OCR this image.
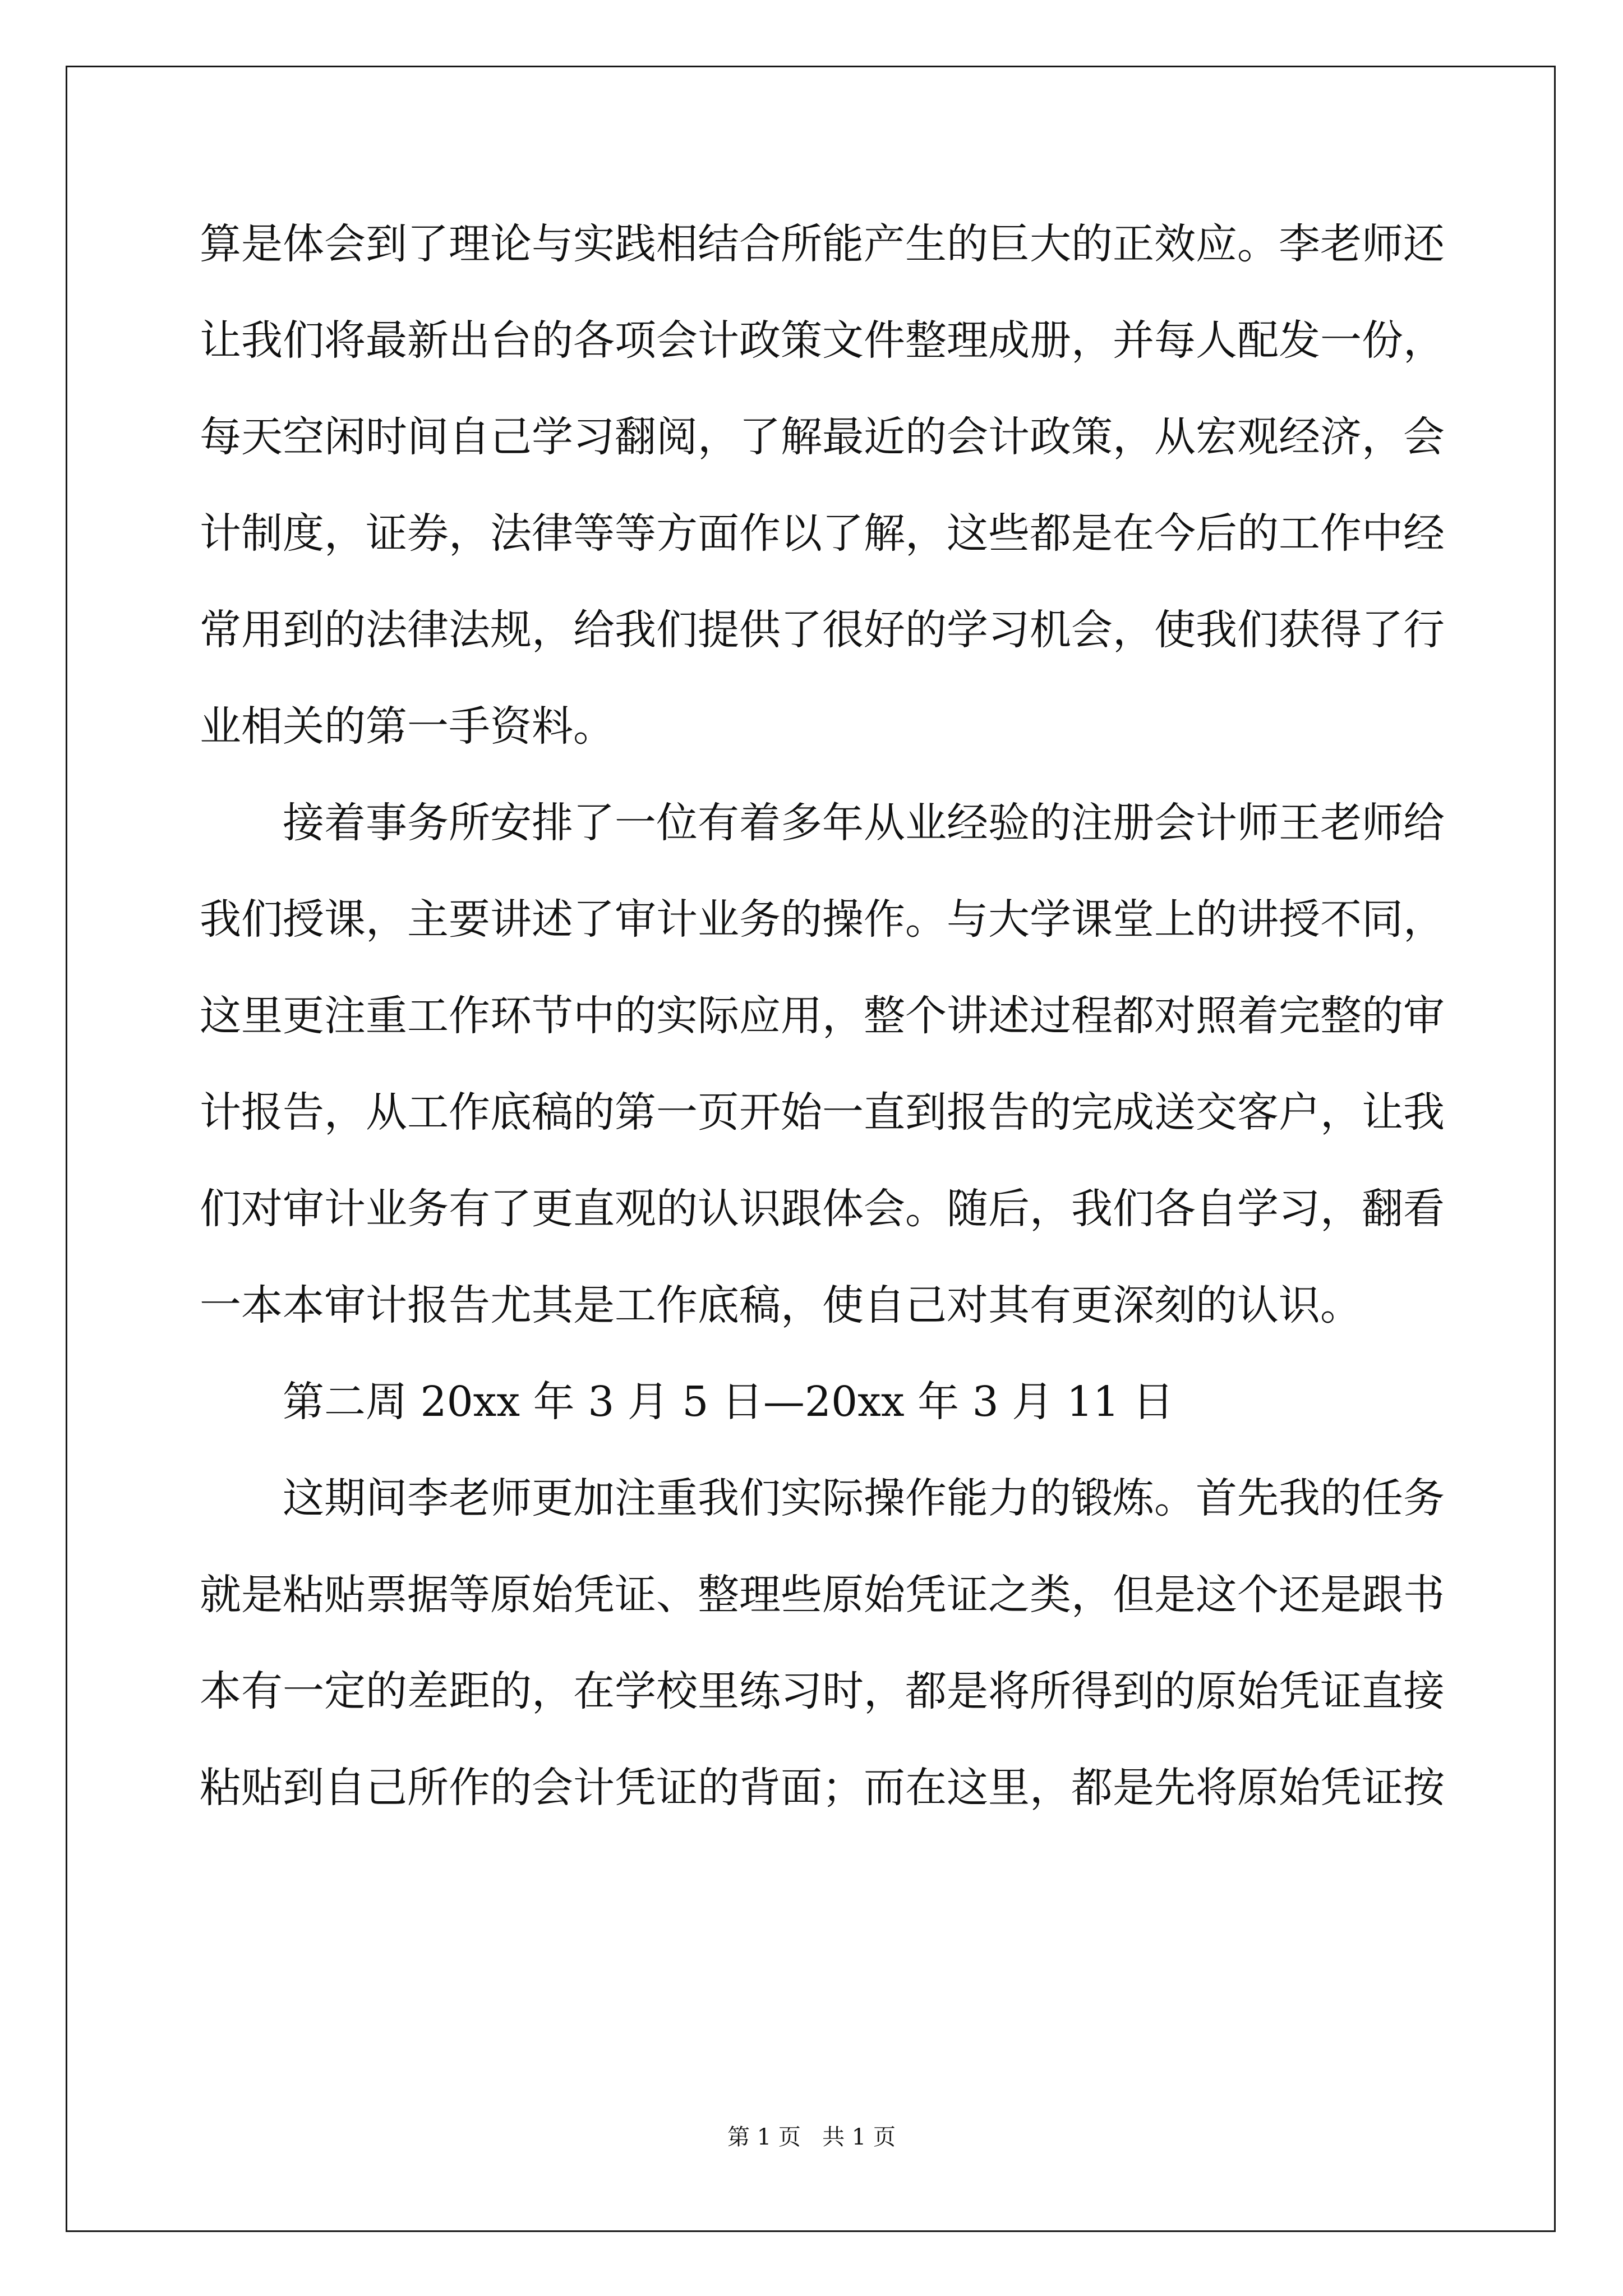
算是体会到了理论与实践相结合所能产生的巨大的正效应。李老师还
让我们将最新出台的各项会计政策文件整理成册，并每人配发一份，
每天空闲时间自己学习翻阅，了解最近的会计政策，从宏观经济，会
计制度，证券，法律等等方面作以了解，这些都是在今后的工作中经
常用到的法律法规，给我们提供了很好的学习机会，使我们获得了行
业相关的第一手资料。
接着事务所安排了一位有着多年从业经验的注册会计师王老师给
我们授课，主要讲述了审计业务的操作。与大学课堂上的讲授不同，
这里更注重工作环节中的实际应用，整个讲述过程都对照着完整的审
计报告，从工作底稿的第一页开始一直到报告的完成送交客户，让我
们对审计业务有了更直观的认识跟体会。随后，我们各自学习，翻看
一本本审计报告尤其是工作底稿，使自己对其有更深刻的认识。
第二周 20xx 年 3 月 5 日—20xx 年 3 月 11 日
这期间李老师更加注重我们实际操作能力的锻炼。首先我的任务
就是粘贴票据等原始凭证、整理些原始凭证之类，但是这个还是跟书
本有一定的差距的，在学校里练习时，都是将所得到的原始凭证直接
粘贴到自己所作的会计凭证的背面；而在这里，都是先将原始凭证按
第 1 页   共 1 页
